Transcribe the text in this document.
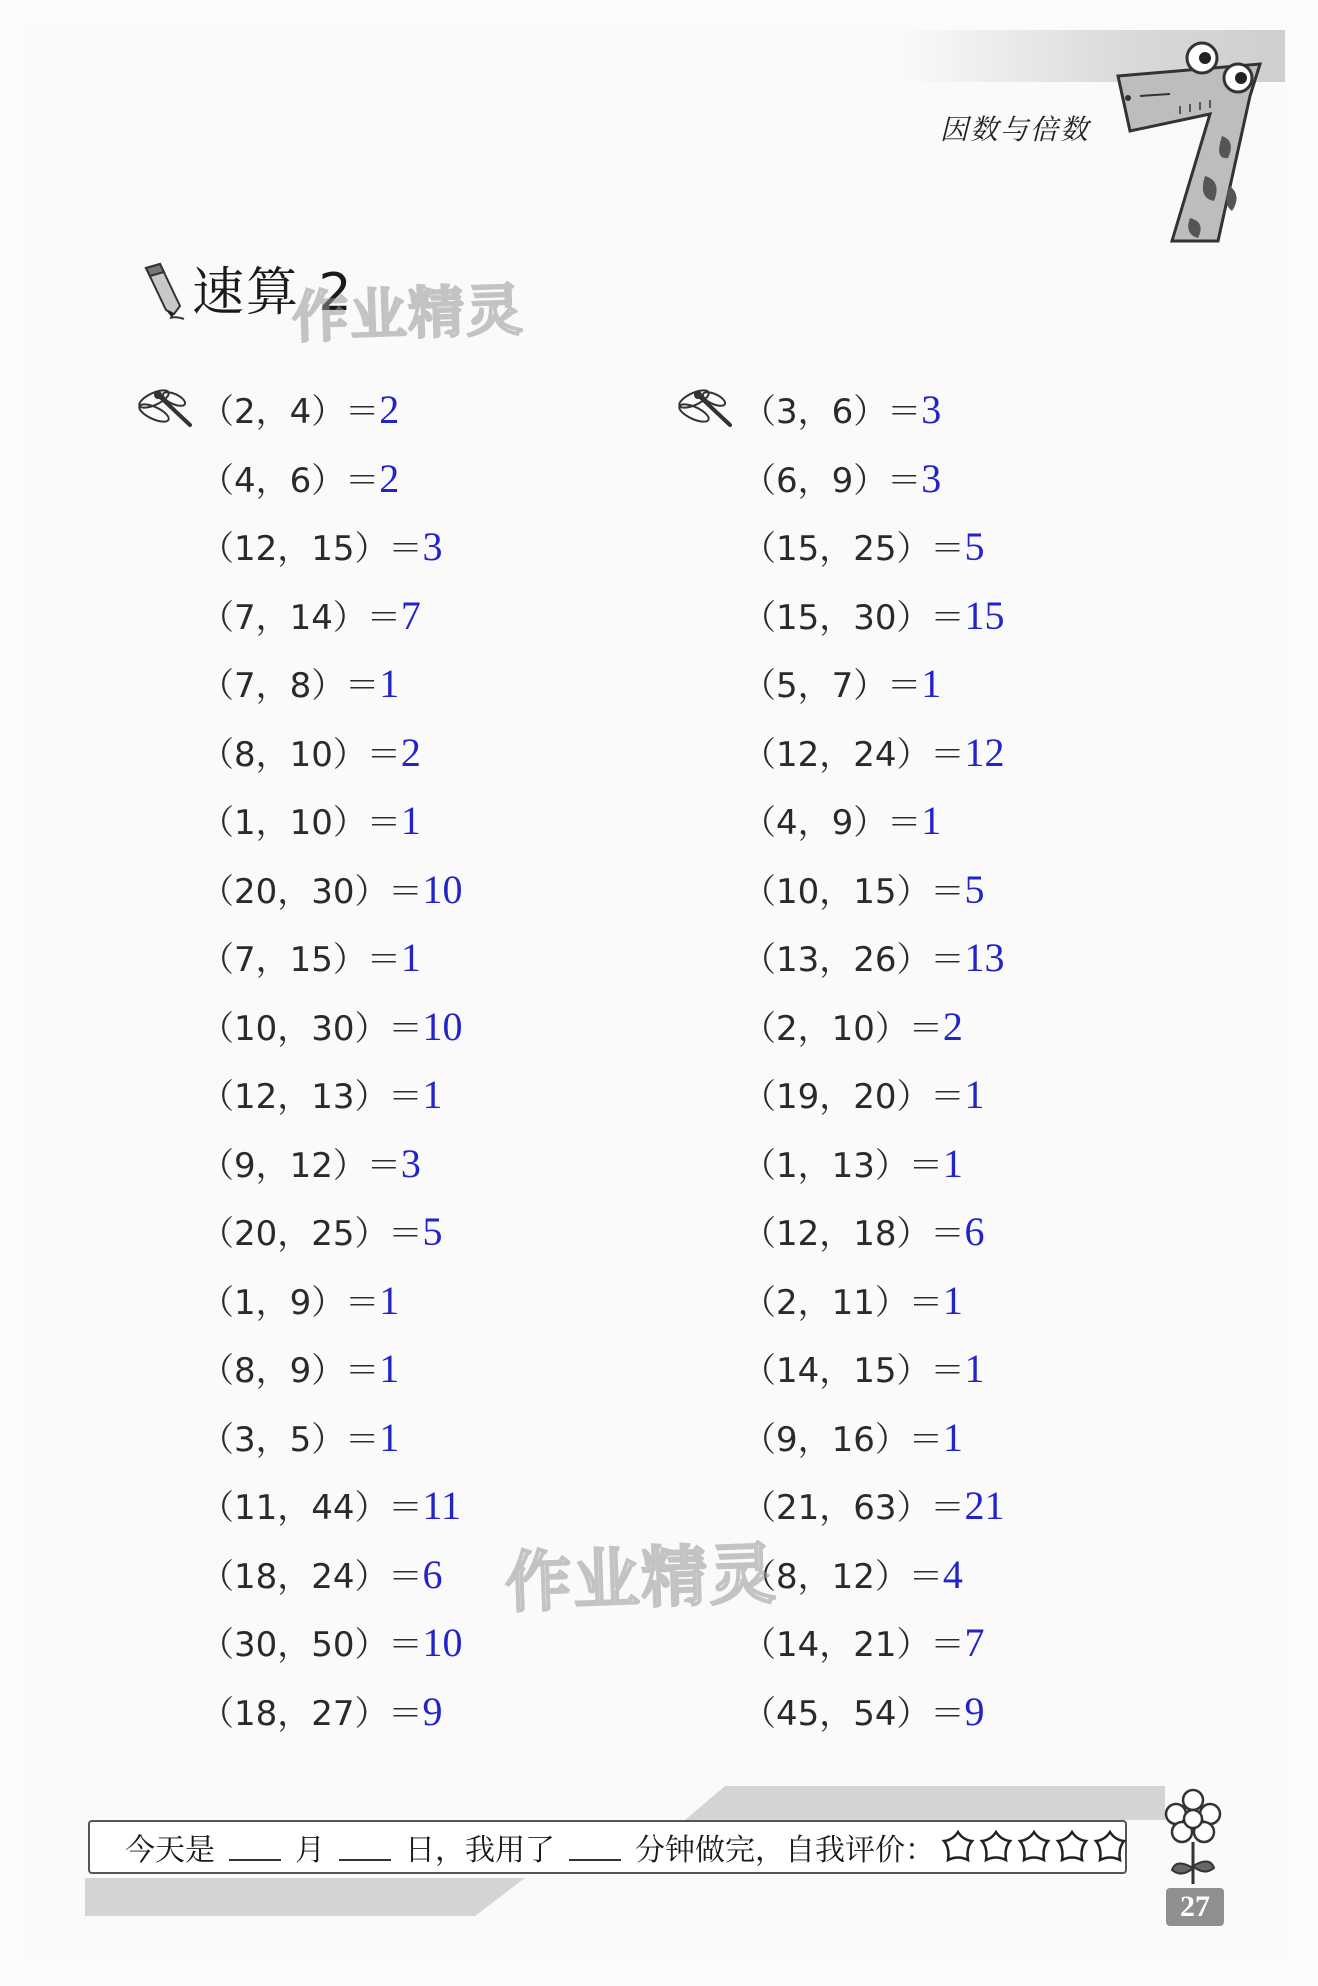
因数与倍数
速算 2
作业精灵
（2，4）＝ 2
（4，6）＝ 2
（12，15）＝ 3
（7，14）＝ 7
（7，8）＝ 1
（8，10）＝ 2
（1，10）＝ 1
（20，30）＝ 10
（7，15）＝ 1
（10，30）＝ 10
（12，13）＝ 1
（9，12）＝ 3
（20，25）＝ 5
（1，9）＝ 1
（8，9）＝ 1
（3，5）＝ 1
（11，44）＝ 11
（18，24）＝ 6
（30，50）＝ 10
（18，27）＝ 9
（3，6）＝ 3
（6，9）＝ 3
（15，25）＝ 5
（15，30）＝ 15
（5，7）＝ 1
（12，24）＝ 12
（4，9）＝ 1
（10，15）＝ 5
（13，26）＝ 13
（2，10）＝ 2
（19，20）＝ 1
（1，13）＝ 1
（12，18）＝ 6
（2，11）＝ 1
（14，15）＝ 1
（9，16）＝ 1
（21，63）＝ 21
（8，12）＝ 4
（14，21）＝ 7
（45，54）＝ 9
作业精灵
今天是	月	日，我用了	分钟做完，自我评价：
27
